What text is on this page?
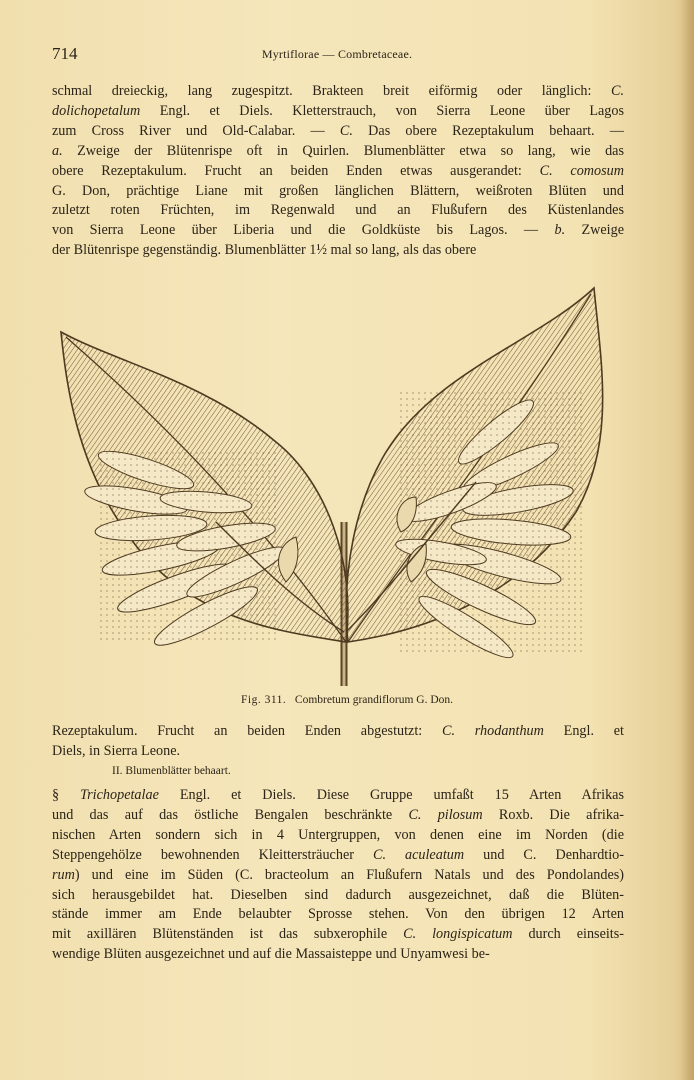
714	Myrtiflorae — Combretaceae.
schmal dreieckig, lang zugespitzt. Brakteen breit eiförmig oder länglich: C.
dolichopetalum Engl. et Diels. Kletterstrauch, von Sierra Leone über Lagos
zum Cross River und Old-Calabar. — C. Das obere Rezeptakulum behaart. —
a. Zweige der Blütenrispe oft in Quirlen. Blumenblätter etwa so lang, wie das
obere Rezeptakulum. Frucht an beiden Enden etwas ausgerandet: C. comosum
G. Don, prächtige Liane mit großen länglichen Blättern, weißroten Blüten und
zuletzt roten Früchten, im Regenwald und an Flußufern des Küstenlandes
von Sierra Leone über Liberia und die Goldküste bis Lagos. — b. Zweige
der Blütenrispe gegenständig. Blumenblätter 1½ mal so lang, als das obere
Fig. 311. Combretum grandiflorum G. Don.
Rezeptakulum. Frucht an beiden Enden abgestutzt: C. rhodanthum Engl. et
Diels, in Sierra Leone.
II. Blumenblätter behaart.
§ Trichopetalae Engl. et Diels. Diese Gruppe umfaßt 15 Arten Afrikas
und das auf das östliche Bengalen beschränkte C. pilosum Roxb. Die afrika-
nischen Arten sondern sich in 4 Untergruppen, von denen eine im Norden (die
Steppengehölze bewohnenden Kleittersträucher C. aculeatum und C. Denhardtio-
rum) und eine im Süden (C. bracteolum an Flußufern Natals und des Pondolandes)
sich herausgebildet hat. Dieselben sind dadurch ausgezeichnet, daß die Blüten-
stände immer am Ende belaubter Sprosse stehen. Von den übrigen 12 Arten
mit axillären Blütenständen ist das subxerophile C. longispicatum durch einseits-
wendige Blüten ausgezeichnet und auf die Massaisteppe und Unyamwesi be-
